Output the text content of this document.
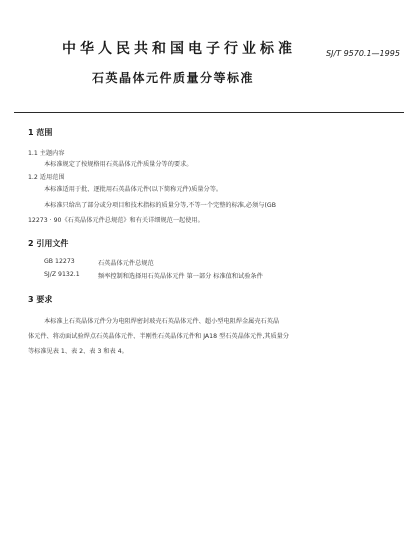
中华人民共和国电子行业标准	SJ/T 9570.1—1995
石英晶体元件质量分等标准
1 范围
1.1 主题内容
本标准规定了按规格用石英晶体元件质量分等的要求。
1.2 适用范围
本标准适用于批、逐批用石英晶体元件(以下简称元件)质量分等。
本标准只给出了部分或分项目和技术指标的质量分等,不等一个完整的标准,必须与(GB
12273 · 90《石英晶体元件总规范》和有关详细规范一起使用。
2 引用文件
GB 12273	石英晶体元件总规范
SJ/Z 9132.1	频率控制和选择用石英晶体元件 第一部分 标准值和试验条件
3 要求
本标准上石英晶体元件分为电阻焊密封玻壳石英晶体元件、超小型电阻焊金属壳石英晶
体元件、将动面试验焊点石英晶体元件、半刚性石英晶体元件和 JA18 型石英晶体元件,其质量分
等标准见表 1、表 2、表 3 和表 4。
